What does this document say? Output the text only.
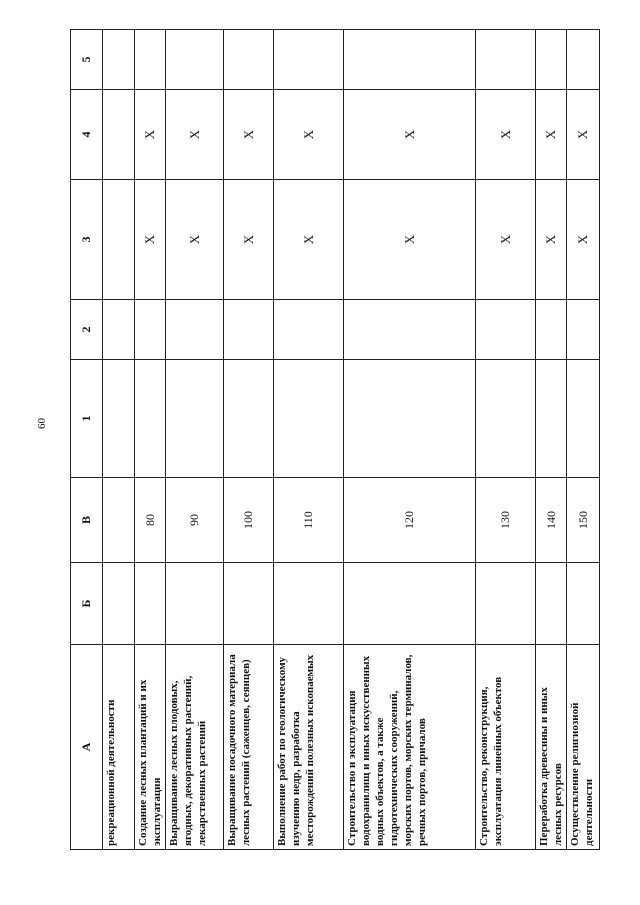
60
А	Б	В	1	2	3	4	5
рекреационной деятельности							
Создание лесных плантаций и их эксплуатация		80			X	X	
Выращивание лесных плодовых, ягодных, декоративных растений, лекарственных растений		90			X	X	
Выращивание посадочного материала лесных растений (саженцев, сеянцев)		100			X	X	
Выполнение работ по геологическому изучению недр, разработка месторождений полезных ископаемых		110			X	X	
Строительство и эксплуатация водохранилищ и иных искусственных водных объектов, а также гидротехнических сооружений, морских портов, морских терминалов, речных портов, причалов		120			X	X	
Строительство, реконструкция, эксплуатация линейных объектов		130			X	X	
Переработка древесины и иных лесных ресурсов		140			X	X	
Осуществление религиозной деятельности		150			X	X	
